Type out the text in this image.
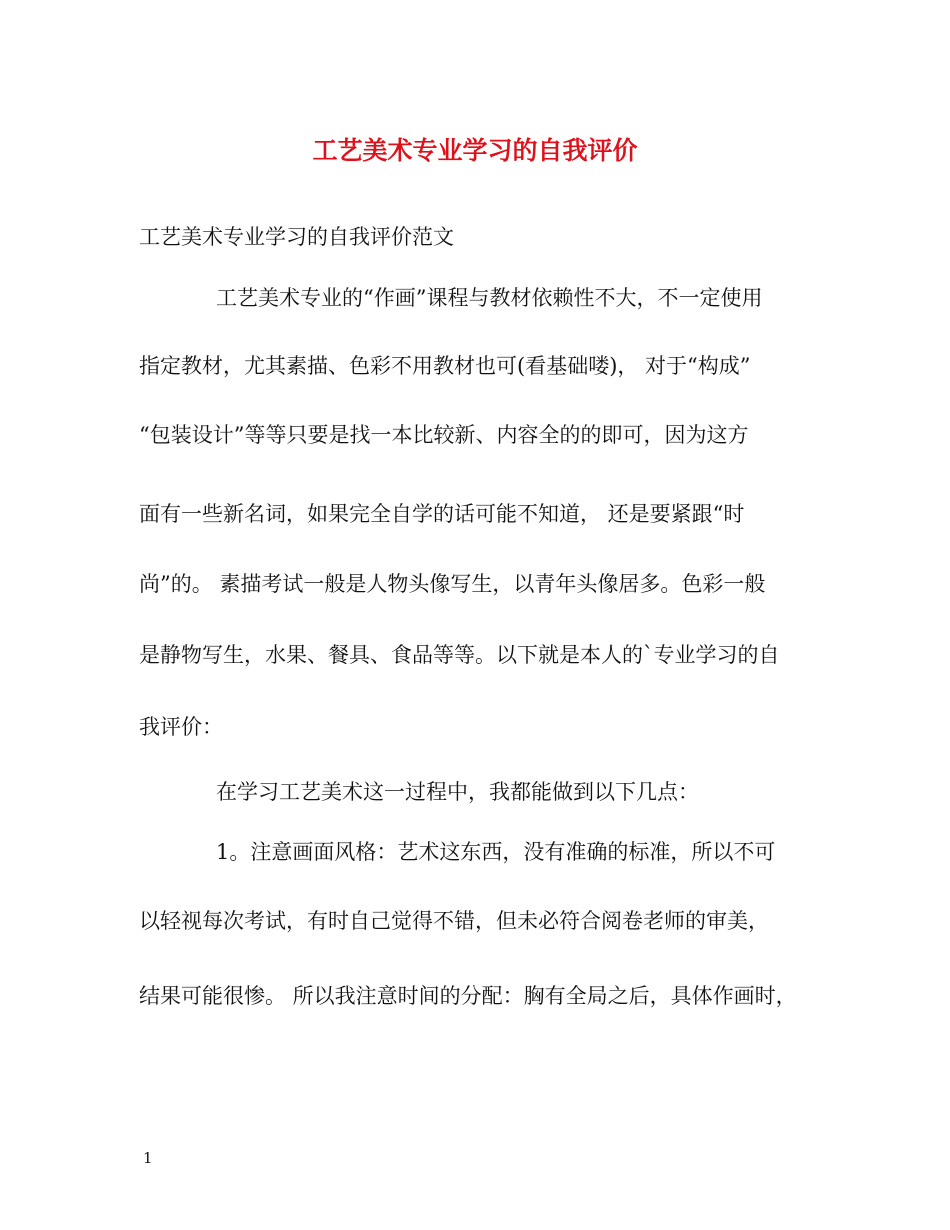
工艺美术专业学习的自我评价
工艺美术专业学习的自我评价范文
工艺美术专业的“作画”课程与教材依赖性不大，不一定使用
指定教材，尤其素描、色彩不用教材也可(看基础喽)， 对于“构成”
“包装设计”等等只要是找一本比较新、内容全的的即可，因为这方
面有一些新名词，如果完全自学的话可能不知道， 还是要紧跟“时
尚”的。 素描考试一般是人物头像写生，以青年头像居多。色彩一般
是静物写生，水果、餐具、食品等等。以下就是本人的`专业学习的自
我评价：
在学习工艺美术这一过程中，我都能做到以下几点：
1。注意画面风格：艺术这东西，没有准确的标准，所以不可
以轻视每次考试，有时自己觉得不错，但未必符合阅卷老师的审美，
结果可能很惨。 所以我注意时间的分配：胸有全局之后，具体作画时，
1
